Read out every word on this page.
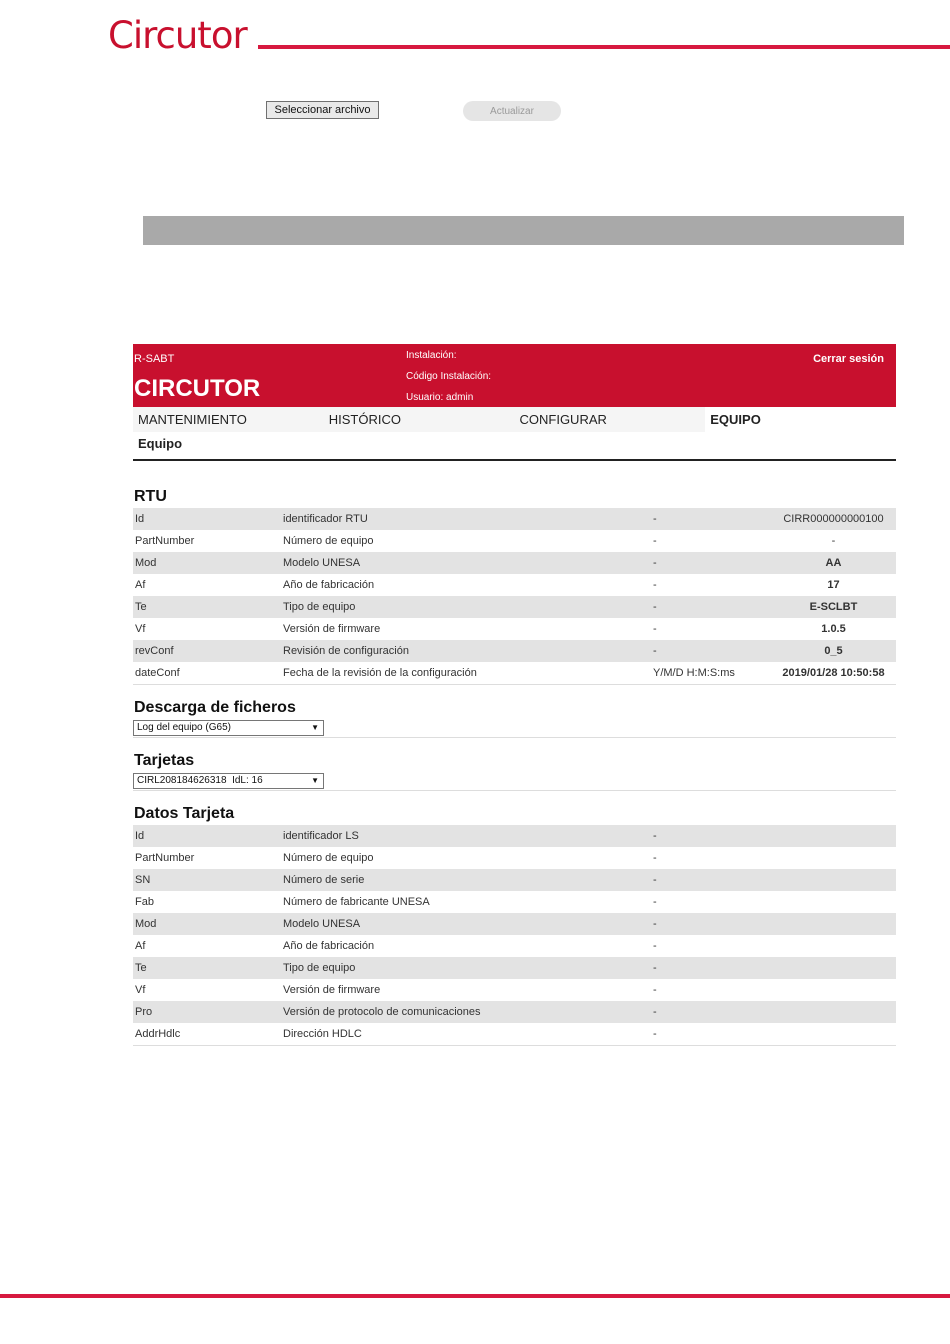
Circutor
Seleccionar archivo	Actualizar
R-SABT
CIRCUTOR
Instalación:
Código Instalación:
Usuario: admin
Cerrar sesión
MANTENIMIENTO	HISTÓRICO	CONFIGURAR	EQUIPO
Equipo
RTU
Id	identificador RTU	-	CIRR000000000100
PartNumber	Número de equipo	-	-
Mod	Modelo UNESA	-	AA
Af	Año de fabricación	-	17
Te	Tipo de equipo	-	E-SCLBT
Vf	Versión de firmware	-	1.0.5
revConf	Revisión de configuración	-	0_5
dateConf	Fecha de la revisión de la configuración	Y/M/D H:M:S:ms	2019/01/28 10:50:58
Descarga de ficheros
Log del equipo (G65)	▼
Tarjetas
CIRL208184626318  IdL: 16	▼
Datos Tarjeta
Id	identificador LS	-
PartNumber	Número de equipo	-
SN	Número de serie	-
Fab	Número de fabricante UNESA	-
Mod	Modelo UNESA	-
Af	Año de fabricación	-
Te	Tipo de equipo	-
Vf	Versión de firmware	-
Pro	Versión de protocolo de comunicaciones	-
AddrHdlc	Dirección HDLC	-
